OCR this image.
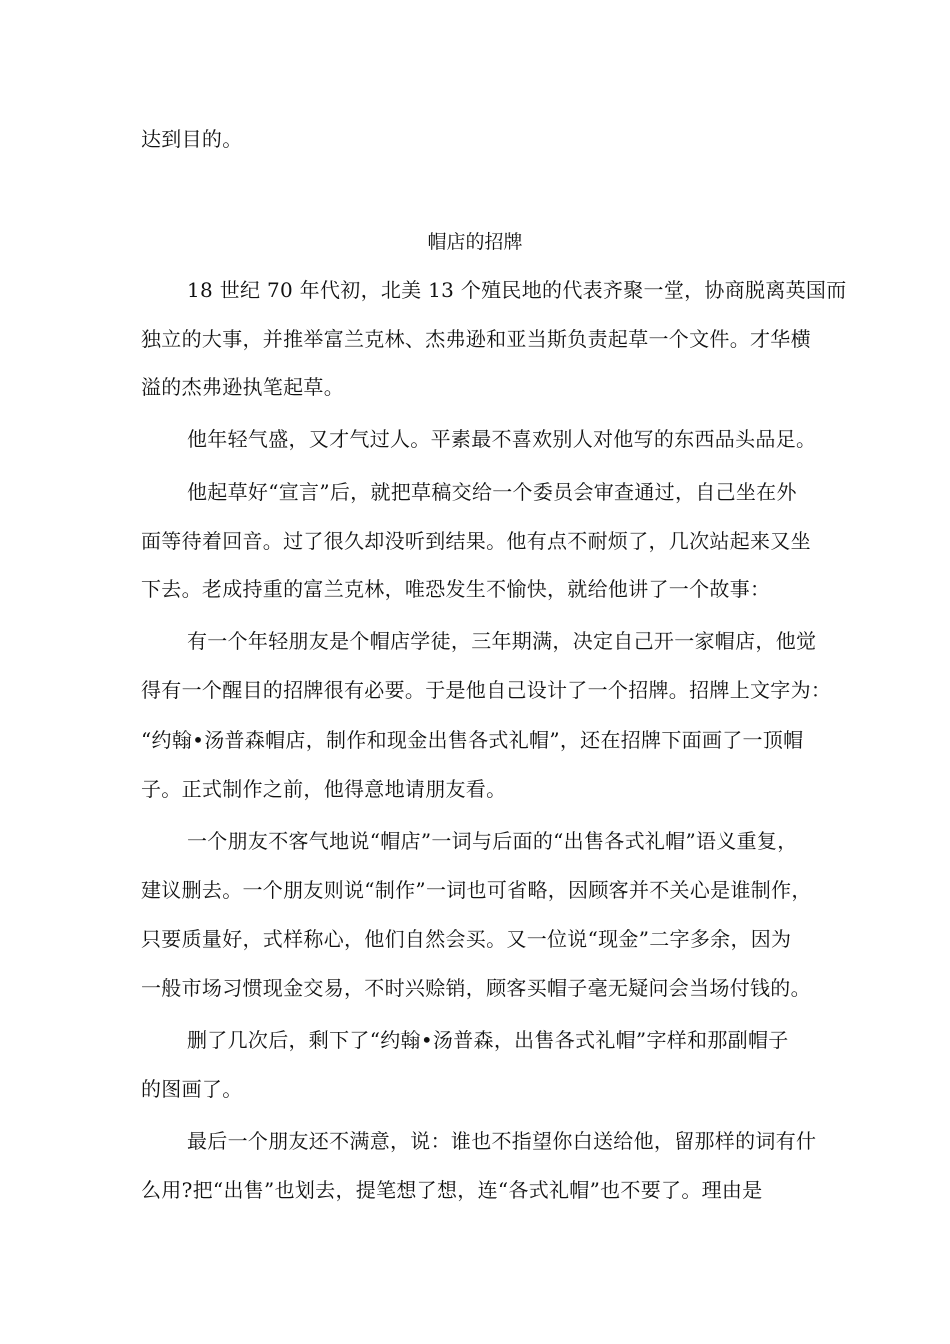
达到目的。
帽店的招牌
18 世纪 70 年代初，北美 13 个殖民地的代表齐聚一堂，协商脱离英国而
独立的大事，并推举富兰克林、杰弗逊和亚当斯负责起草一个文件。才华横
溢的杰弗逊执笔起草。
他年轻气盛，又才气过人。平素最不喜欢别人对他写的东西品头品足。
他起草好“宣言”后，就把草稿交给一个委员会审查通过，自己坐在外
面等待着回音。过了很久却没听到结果。他有点不耐烦了，几次站起来又坐
下去。老成持重的富兰克林，唯恐发生不愉快，就给他讲了一个故事：
有一个年轻朋友是个帽店学徒，三年期满，决定自己开一家帽店，他觉
得有一个醒目的招牌很有必要。于是他自己设计了一个招牌。招牌上文字为：
“约翰•汤普森帽店，制作和现金出售各式礼帽”，还在招牌下面画了一顶帽
子。正式制作之前，他得意地请朋友看。
一个朋友不客气地说“帽店”一词与后面的“出售各式礼帽”语义重复，
建议删去。一个朋友则说“制作”一词也可省略，因顾客并不关心是谁制作，
只要质量好，式样称心，他们自然会买。又一位说“现金”二字多余，因为
一般市场习惯现金交易，不时兴赊销，顾客买帽子毫无疑问会当场付钱的。
删了几次后，剩下了“约翰•汤普森，出售各式礼帽”字样和那副帽子
的图画了。
最后一个朋友还不满意，说：谁也不指望你白送给他，留那样的词有什
么用?把“出售”也划去，提笔想了想，连“各式礼帽”也不要了。理由是
